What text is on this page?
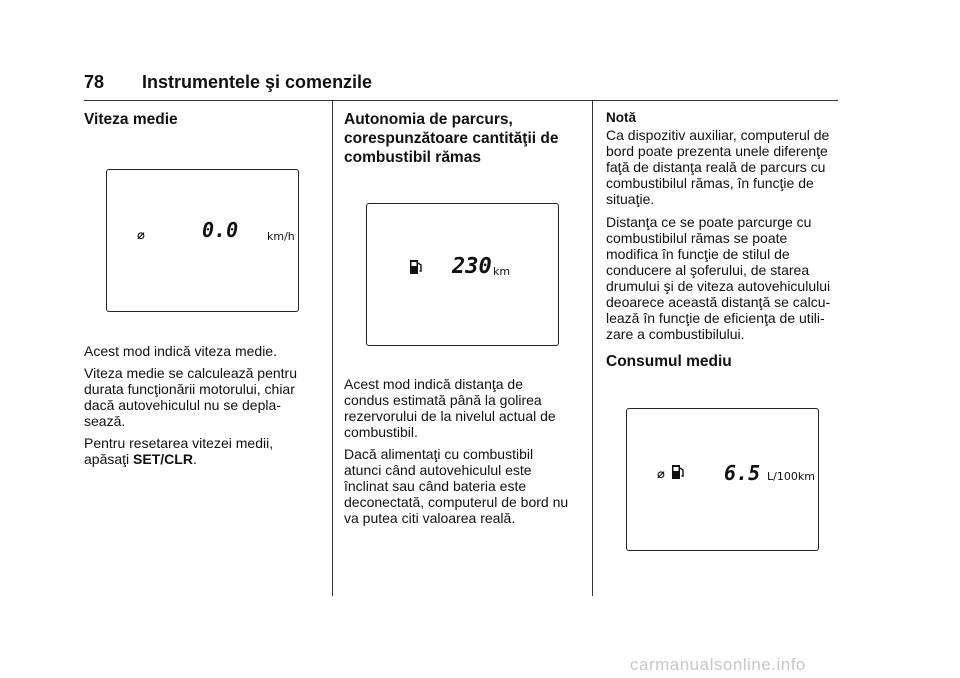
78 Instrumentele şi comenzile
Viteza medie

Acest mod indică viteza medie.

Viteza medie se calculează pentru
durata funcţionării motorului, chiar
dacă autovehiculul nu se depla-
sează.

Pentru resetarea vitezei medii,
apăsaţi SET/CLR.

⌀	0.0	km/h
Autonomia de parcurs,
corespunzătoare cantităţii de
combustibil rămas

Acest mod indică distanţa de
condus estimată până la golirea
rezervorului de la nivelul actual de
combustibil.

Dacă alimentaţi cu combustibil
atunci când autovehiculul este
înclinat sau când bateria este
deconectată, computerul de bord nu
va putea citi valoarea reală.

230 km
Notă

Ca dispozitiv auxiliar, computerul de
bord poate prezenta unele diferenţe
faţă de distanţa reală de parcurs cu
combustibilul rămas, în funcţie de
situaţie.

Distanţa ce se poate parcurge cu
combustibilul rămas se poate
modifica în funcţie de stilul de
conducere al şoferului, de starea
drumului şi de viteza autovehiculului
deoarece această distanţă se calcu-
lează în funcţie de eficienţa de utili-
zare a combustibilului.

Consumul mediu
⌀	6.5 L/100km
carmanualsonline.info
